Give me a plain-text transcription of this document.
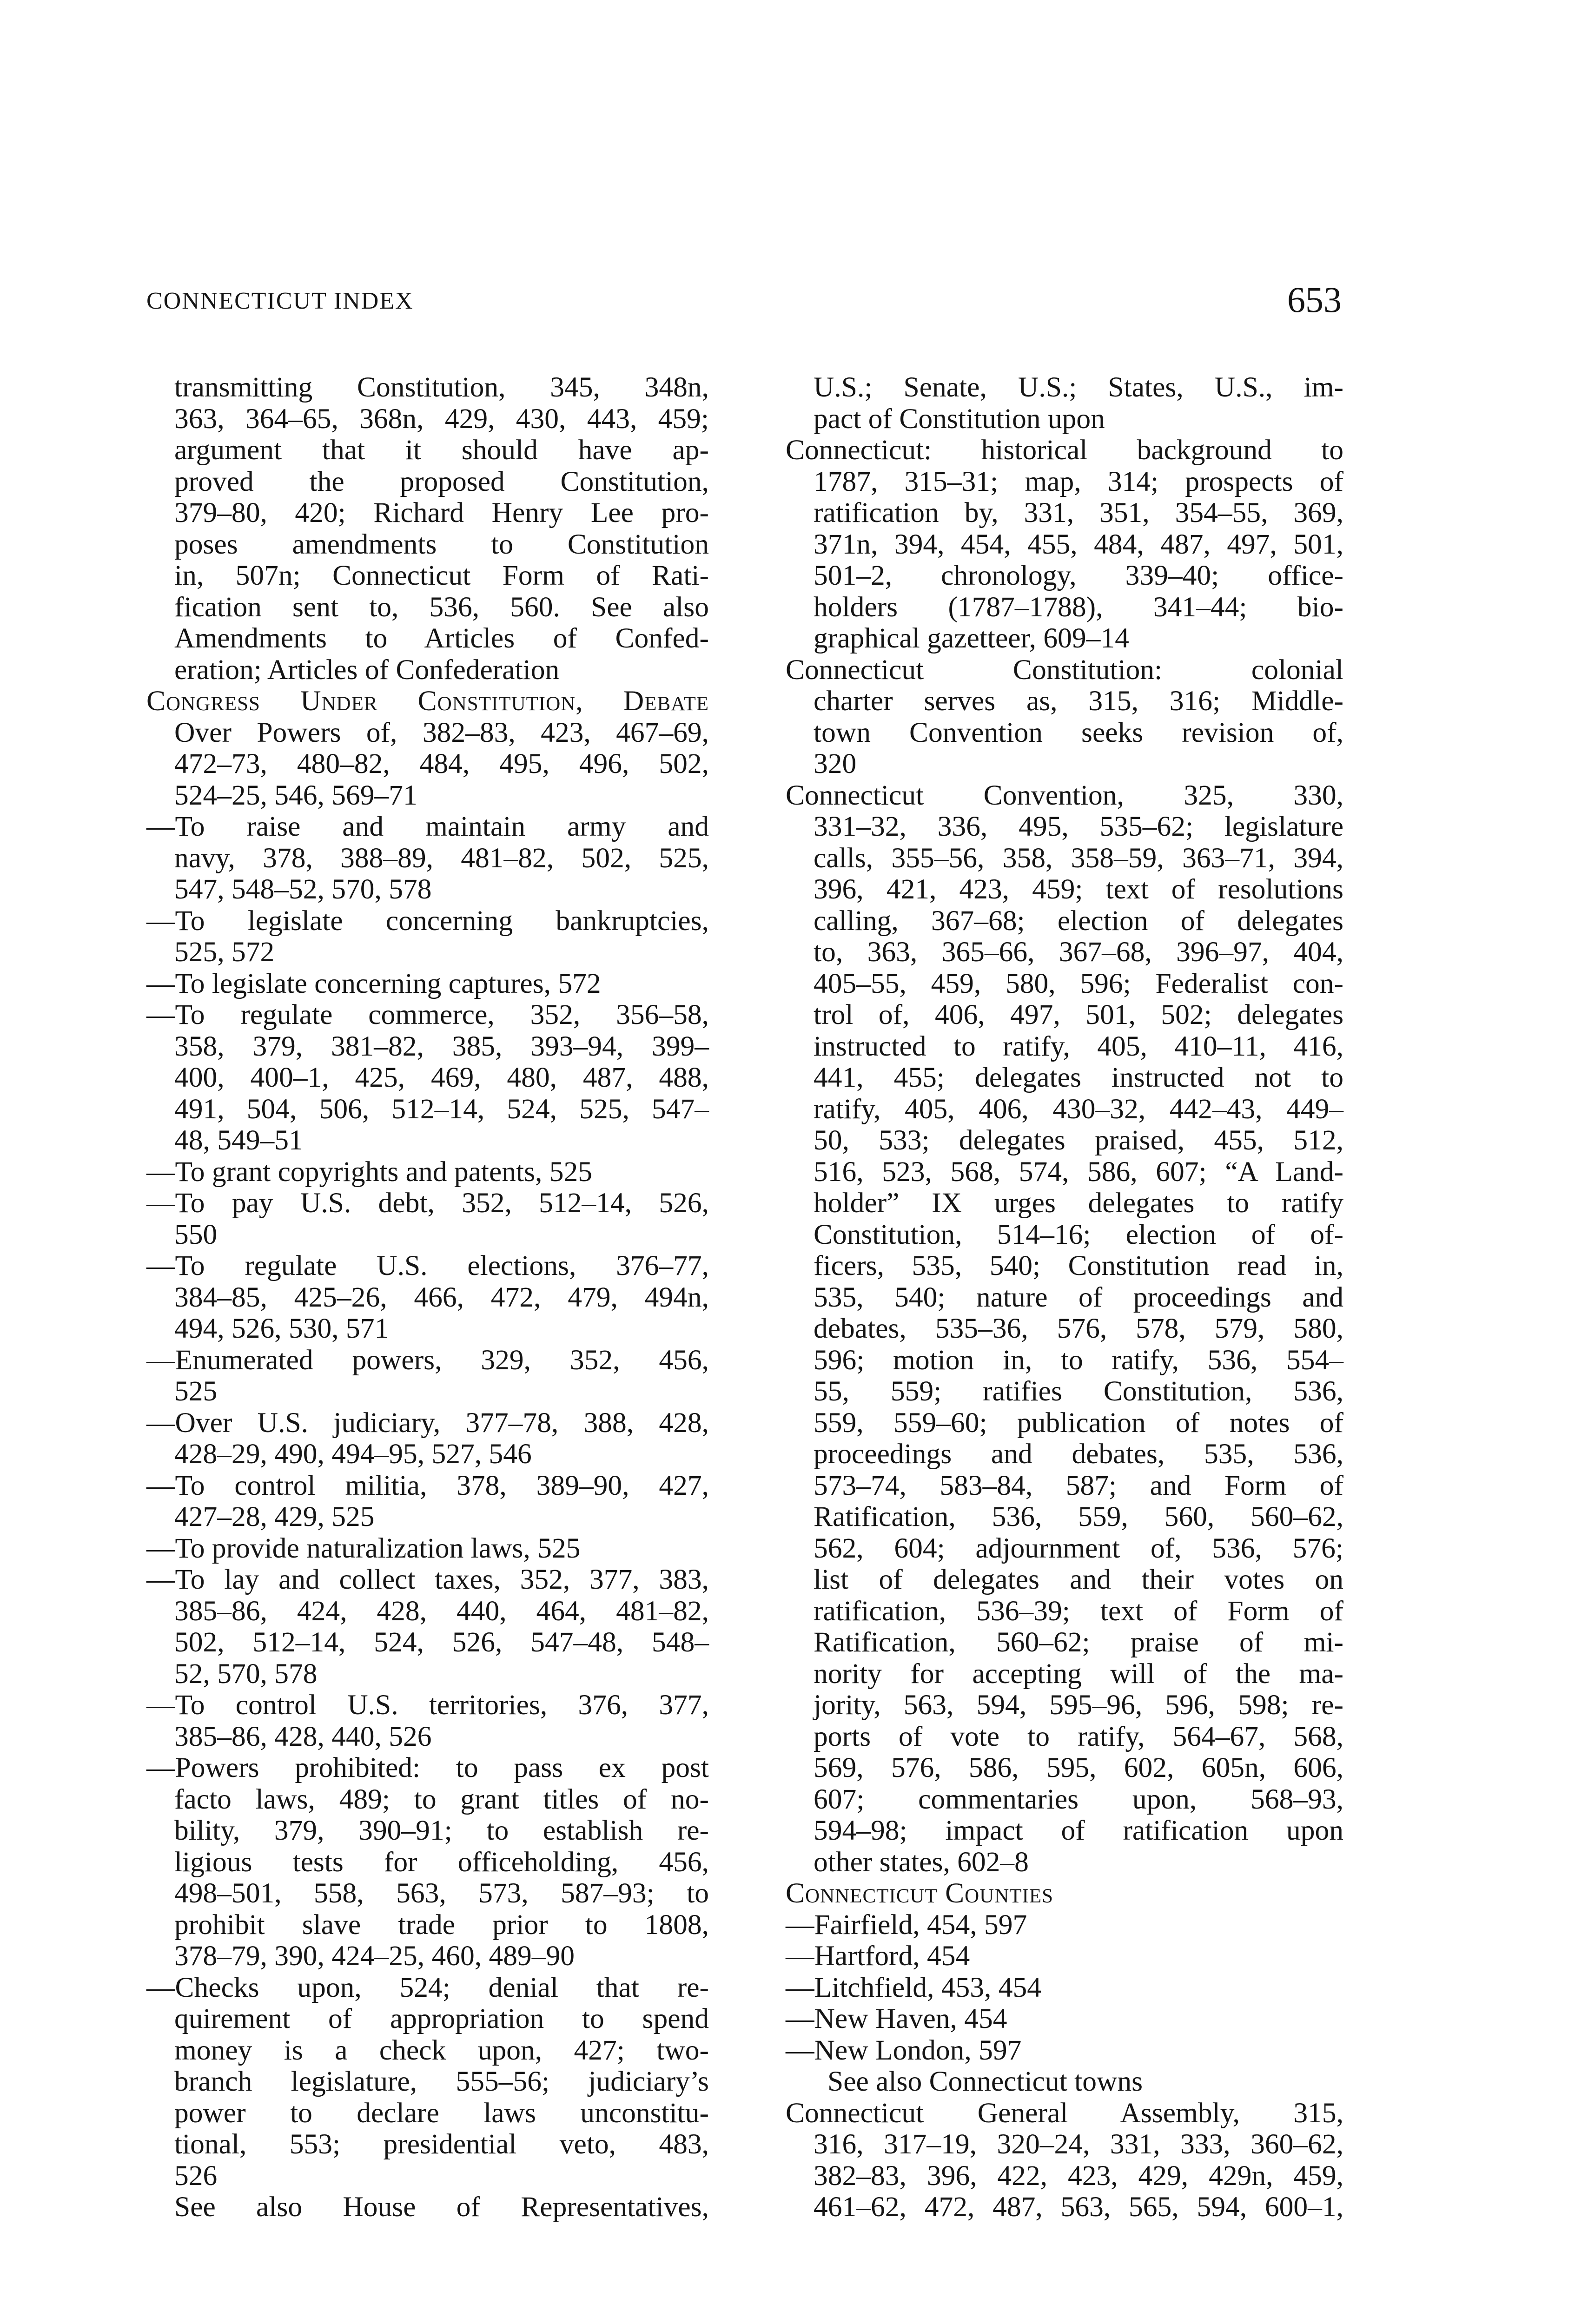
CONNECTICUT INDEX	653
transmitting Constitution, 345, 348n,
363, 364–65, 368n, 429, 430, 443, 459;
argument that it should have ap-
proved the proposed Constitution,
379–80, 420; Richard Henry Lee pro-
poses amendments to Constitution
in, 507n; Connecticut Form of Rati-
fication sent to, 536, 560. See also
Amendments to Articles of Confed-
eration; Articles of Confederation
Congress Under Constitution, Debate
Over Powers of, 382–83, 423, 467–69,
472–73, 480–82, 484, 495, 496, 502,
524–25, 546, 569–71
—To raise and maintain army and
navy, 378, 388–89, 481–82, 502, 525,
547, 548–52, 570, 578
—To legislate concerning bankruptcies,
525, 572
—To legislate concerning captures, 572
—To regulate commerce, 352, 356–58,
358, 379, 381–82, 385, 393–94, 399–
400, 400–1, 425, 469, 480, 487, 488,
491, 504, 506, 512–14, 524, 525, 547–
48, 549–51
—To grant copyrights and patents, 525
—To pay U.S. debt, 352, 512–14, 526,
550
—To regulate U.S. elections, 376–77,
384–85, 425–26, 466, 472, 479, 494n,
494, 526, 530, 571
—Enumerated powers, 329, 352, 456,
525
—Over U.S. judiciary, 377–78, 388, 428,
428–29, 490, 494–95, 527, 546
—To control militia, 378, 389–90, 427,
427–28, 429, 525
—To provide naturalization laws, 525
—To lay and collect taxes, 352, 377, 383,
385–86, 424, 428, 440, 464, 481–82,
502, 512–14, 524, 526, 547–48, 548–
52, 570, 578
—To control U.S. territories, 376, 377,
385–86, 428, 440, 526
—Powers prohibited: to pass ex post
facto laws, 489; to grant titles of no-
bility, 379, 390–91; to establish re-
ligious tests for officeholding, 456,
498–501, 558, 563, 573, 587–93; to
prohibit slave trade prior to 1808,
378–79, 390, 424–25, 460, 489–90
—Checks upon, 524; denial that re-
quirement of appropriation to spend
money is a check upon, 427; two-
branch legislature, 555–56; judiciary’s
power to declare laws unconstitu-
tional, 553; presidential veto, 483,
526
See also House of Representatives,
U.S.; Senate, U.S.; States, U.S., im-
pact of Constitution upon
Connecticut: historical background to
1787, 315–31; map, 314; prospects of
ratification by, 331, 351, 354–55, 369,
371n, 394, 454, 455, 484, 487, 497, 501,
501–2, chronology, 339–40; office-
holders (1787–1788), 341–44; bio-
graphical gazetteer, 609–14
Connecticut Constitution: colonial
charter serves as, 315, 316; Middle-
town Convention seeks revision of,
320
Connecticut Convention, 325, 330,
331–32, 336, 495, 535–62; legislature
calls, 355–56, 358, 358–59, 363–71, 394,
396, 421, 423, 459; text of resolutions
calling, 367–68; election of delegates
to, 363, 365–66, 367–68, 396–97, 404,
405–55, 459, 580, 596; Federalist con-
trol of, 406, 497, 501, 502; delegates
instructed to ratify, 405, 410–11, 416,
441, 455; delegates instructed not to
ratify, 405, 406, 430–32, 442–43, 449–
50, 533; delegates praised, 455, 512,
516, 523, 568, 574, 586, 607; “A Land-
holder” IX urges delegates to ratify
Constitution, 514–16; election of of-
ficers, 535, 540; Constitution read in,
535, 540; nature of proceedings and
debates, 535–36, 576, 578, 579, 580,
596; motion in, to ratify, 536, 554–
55, 559; ratifies Constitution, 536,
559, 559–60; publication of notes of
proceedings and debates, 535, 536,
573–74, 583–84, 587; and Form of
Ratification, 536, 559, 560, 560–62,
562, 604; adjournment of, 536, 576;
list of delegates and their votes on
ratification, 536–39; text of Form of
Ratification, 560–62; praise of mi-
nority for accepting will of the ma-
jority, 563, 594, 595–96, 596, 598; re-
ports of vote to ratify, 564–67, 568,
569, 576, 586, 595, 602, 605n, 606,
607; commentaries upon, 568–93,
594–98; impact of ratification upon
other states, 602–8
Connecticut Counties
—Fairfield, 454, 597
—Hartford, 454
—Litchfield, 453, 454
—New Haven, 454
—New London, 597
See also Connecticut towns
Connecticut General Assembly, 315,
316, 317–19, 320–24, 331, 333, 360–62,
382–83, 396, 422, 423, 429, 429n, 459,
461–62, 472, 487, 563, 565, 594, 600–1,
